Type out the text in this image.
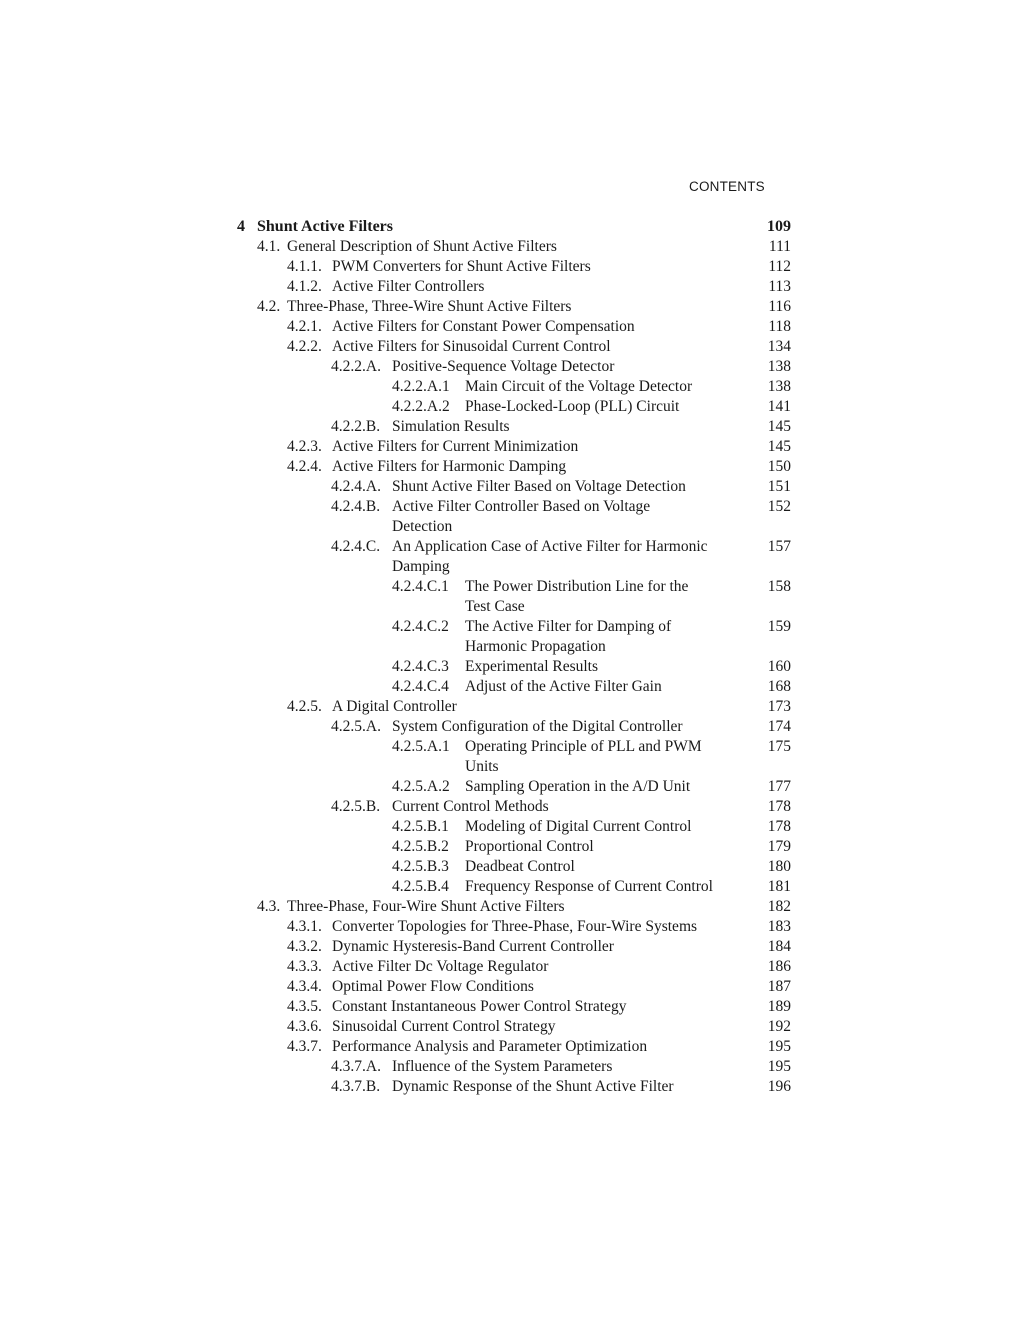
CONTENTS
4 Shunt Active Filters	109
4.1. General Description of Shunt Active Filters	111
4.1.1. PWM Converters for Shunt Active Filters	112
4.1.2. Active Filter Controllers	113
4.2. Three-Phase, Three-Wire Shunt Active Filters	116
4.2.1. Active Filters for Constant Power Compensation	118
4.2.2. Active Filters for Sinusoidal Current Control	134
4.2.2.A. Positive-Sequence Voltage Detector	138
4.2.2.A.1 Main Circuit of the Voltage Detector	138
4.2.2.A.2 Phase-Locked-Loop (PLL) Circuit	141
4.2.2.B. Simulation Results	145
4.2.3. Active Filters for Current Minimization	145
4.2.4. Active Filters for Harmonic Damping	150
4.2.4.A. Shunt Active Filter Based on Voltage Detection	151
4.2.4.B. Active Filter Controller Based on Voltage	152
Detection
4.2.4.C. An Application Case of Active Filter for Harmonic	157
Damping
4.2.4.C.1 The Power Distribution Line for the	158
Test Case
4.2.4.C.2 The Active Filter for Damping of	159
Harmonic Propagation
4.2.4.C.3 Experimental Results	160
4.2.4.C.4 Adjust of the Active Filter Gain	168
4.2.5. A Digital Controller	173
4.2.5.A. System Configuration of the Digital Controller	174
4.2.5.A.1 Operating Principle of PLL and PWM	175
Units
4.2.5.A.2 Sampling Operation in the A/D Unit	177
4.2.5.B. Current Control Methods	178
4.2.5.B.1 Modeling of Digital Current Control	178
4.2.5.B.2 Proportional Control	179
4.2.5.B.3 Deadbeat Control	180
4.2.5.B.4 Frequency Response of Current Control	181
4.3. Three-Phase, Four-Wire Shunt Active Filters	182
4.3.1. Converter Topologies for Three-Phase, Four-Wire Systems	183
4.3.2. Dynamic Hysteresis-Band Current Controller	184
4.3.3. Active Filter Dc Voltage Regulator	186
4.3.4. Optimal Power Flow Conditions	187
4.3.5. Constant Instantaneous Power Control Strategy	189
4.3.6. Sinusoidal Current Control Strategy	192
4.3.7. Performance Analysis and Parameter Optimization	195
4.3.7.A. Influence of the System Parameters	195
4.3.7.B. Dynamic Response of the Shunt Active Filter	196
